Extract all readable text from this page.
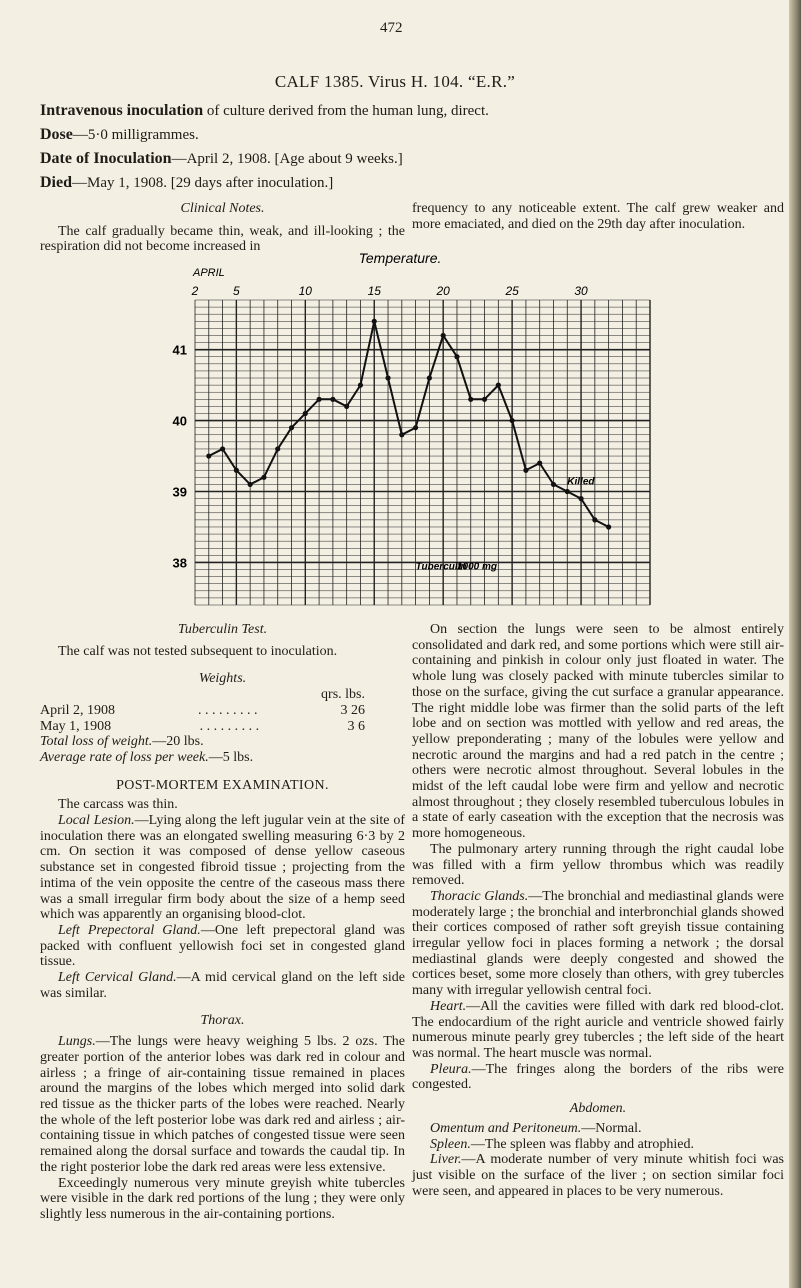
472
CALF 1385. Virus H. 104. “E.R.”
Intravenous inoculation of culture derived from the human lung, direct.
Dose—5·0 milligrammes.
Date of Inoculation—April 2, 1908. [Age about 9 weeks.]
Died—May 1, 1908. [29 days after inoculation.]
Clinical Notes.

The calf gradually became thin, weak, and ill-looking ; the respiration did not become increased in

frequency to any noticeable extent. The calf grew weaker and more emaciated, and died on the 29th day after inoculation.

Temperature.
APRIL
2	5	10	15	20	25	30
41
40
39
38	Tuberculin
1000 mg
Killed
Tuberculin Test.

The calf was not tested subsequent to inoculation.

Weights.
qrs. lbs.
April 2, 1908	. . . . . . . . .	3 26
May 1, 1908	. . . . . . . . .	3 6
Total loss of weight.—20 lbs.
Average rate of loss per week.—5 lbs.
POST-MORTEM EXAMINATION.

The carcass was thin.

Local Lesion.—Lying along the left jugular vein at the site of inoculation there was an elongated swelling measuring 6·3 by 2 cm. On section it was composed of dense yellow caseous substance set in congested fibroid tissue ; projecting from the intima of the vein opposite the centre of the caseous mass there was a small irregular firm body about the size of a hemp seed which was apparently an organising blood-clot.

Left Prepectoral Gland.—One left prepectoral gland was packed with confluent yellowish foci set in congested gland tissue.

Left Cervical Gland.—A mid cervical gland on the left side was similar.

Thorax.

Lungs.—The lungs were heavy weighing 5 lbs. 2 ozs. The greater portion of the anterior lobes was dark red in colour and airless ; a fringe of air-containing tissue remained in places around the margins of the lobes which merged into solid dark red tissue as the thicker parts of the lobes were reached. Nearly the whole of the left posterior lobe was dark red and airless ; air-containing tissue in which patches of congested tissue were seen remained along the dorsal surface and towards the caudal tip. In the right posterior lobe the dark red areas were less extensive.

Exceedingly numerous very minute greyish white tubercles were visible in the dark red portions of the lung ; they were only slightly less numerous in the air-containing portions.

On section the lungs were seen to be almost entirely consolidated and dark red, and some portions which were still air-containing and pinkish in colour only just floated in water. The whole lung was closely packed with minute tubercles similar to those on the surface, giving the cut surface a granular appearance. The right middle lobe was firmer than the solid parts of the left lobe and on section was mottled with yellow and red areas, the yellow preponderating ; many of the lobules were yellow and necrotic around the margins and had a red patch in the centre ; others were necrotic almost throughout. Several lobules in the midst of the left caudal lobe were firm and yellow and necrotic almost throughout ; they closely resembled tuberculous lobules in a state of early caseation with the exception that the necrosis was more homogeneous.

The pulmonary artery running through the right caudal lobe was filled with a firm yellow thrombus which was readily removed.

Thoracic Glands.—The bronchial and mediastinal glands were moderately large ; the bronchial and interbronchial glands showed their cortices composed of rather soft greyish tissue containing irregular yellow foci in places forming a network ; the dorsal mediastinal glands were deeply congested and showed the cortices beset, some more closely than others, with grey tubercles many with irregular yellowish central foci.

Heart.—All the cavities were filled with dark red blood-clot. The endocardium of the right auricle and ventricle showed fairly numerous minute pearly grey tubercles ; the left side of the heart was normal. The heart muscle was normal.

Pleura.—The fringes along the borders of the ribs were congested.

Abdomen.

Omentum and Peritoneum.—Normal.

Spleen.—The spleen was flabby and atrophied.

Liver.—A moderate number of very minute whitish foci was just visible on the surface of the liver ; on section similar foci were seen, and appeared in places to be very numerous.
